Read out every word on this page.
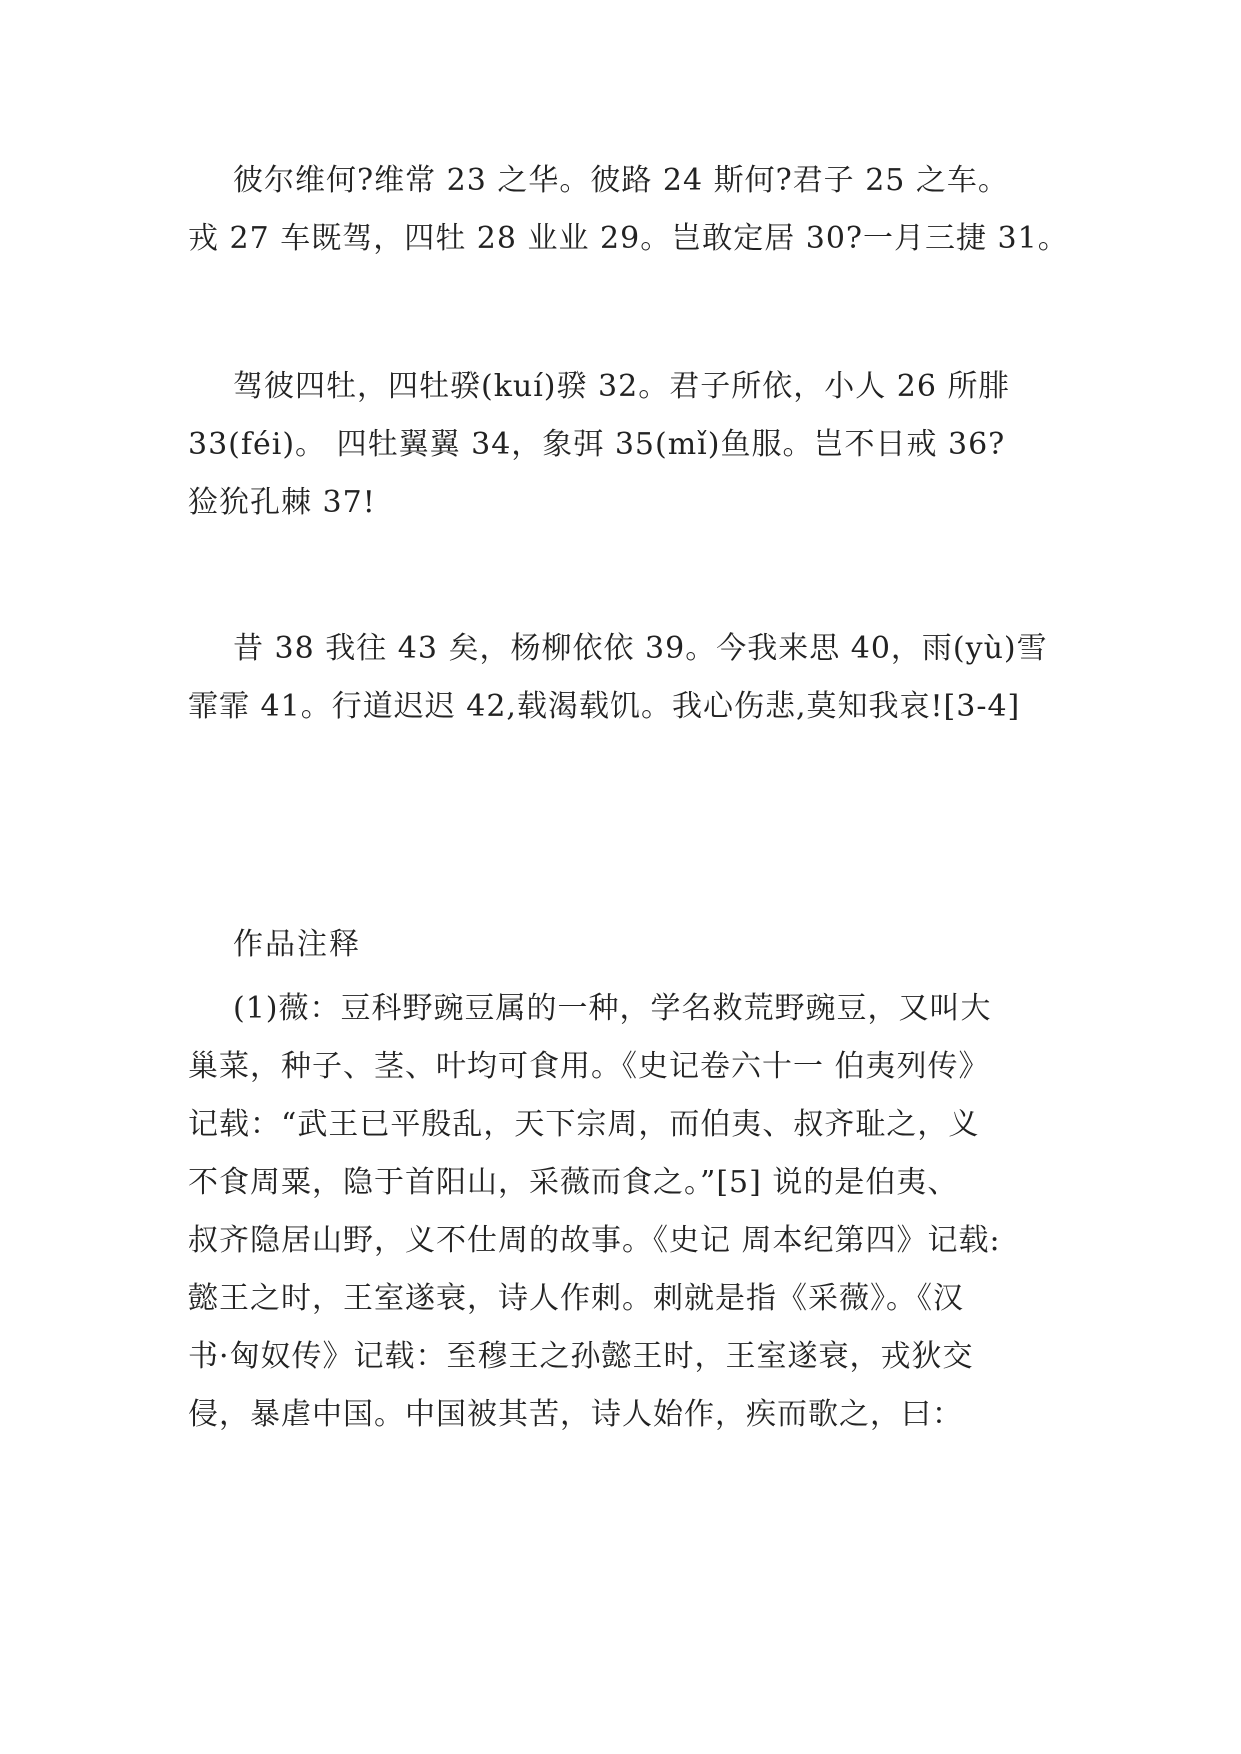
彼尔维何?维常 23 之华。彼路 24 斯何?君子 25 之车。
戎 27 车既驾，四牡 28 业业 29。岂敢定居 30?一月三捷 31。
驾彼四牡，四牡骙(kuí)骙 32。君子所依，小人 26 所腓
33(féi)。 四牡翼翼 34，象弭 35(mǐ)鱼服。岂不日戒 36?
猃狁孔棘 37!
昔 38 我往 43 矣，杨柳依依 39。今我来思 40，雨(yù)雪
霏霏 41。行道迟迟 42,载渴载饥。我心伤悲,莫知我哀![3-4]

作品注释

(1)薇：豆科野豌豆属的一种，学名救荒野豌豆，又叫大
巢菜，种子、茎、叶均可食用。《史记卷六十一 伯夷列传》
记载：“武王已平殷乱，天下宗周，而伯夷、叔齐耻之，义
不食周粟，隐于首阳山，采薇而食之。”[5] 说的是伯夷、
叔齐隐居山野，义不仕周的故事。《史记 周本纪第四》记载:
懿王之时，王室遂衰，诗人作刺。刺就是指《采薇》。《汉
书·匈奴传》记载：至穆王之孙懿王时，王室遂衰，戎狄交
侵，暴虐中国。中国被其苦，诗人始作，疾而歌之，曰：
